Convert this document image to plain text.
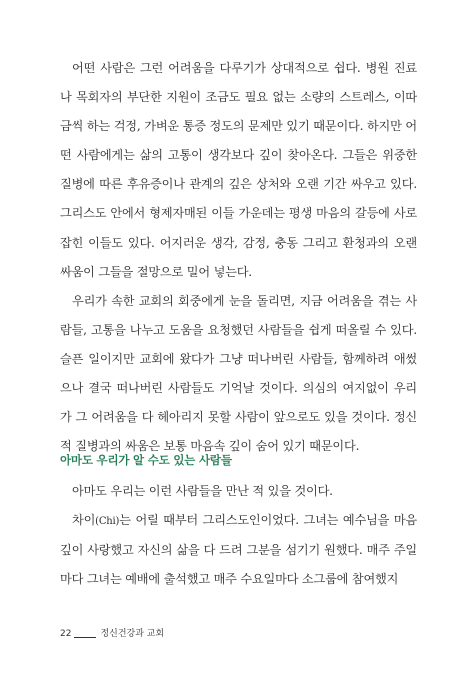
어떤 사람은 그런 어려움을 다루기가 상대적으로 쉽다. 병원 진료나 목회자의 부단한 지원이 조금도 필요 없는 소량의 스트레스, 이따금씩 하는 걱정, 가벼운 통증 정도의 문제만 있기 때문이다. 하지만 어떤 사람에게는 삶의 고통이 생각보다 깊이 찾아온다. 그들은 위중한 질병에 따른 후유증이나 관계의 깊은 상처와 오랜 기간 싸우고 있다. 그리스도 안에서 형제자매된 이들 가운데는 평생 마음의 갈등에 사로잡힌 이들도 있다. 어지러운 생각, 감정, 충동 그리고 환청과의 오랜 싸움이 그들을 절망으로 밀어 넣는다.

우리가 속한 교회의 회중에게 눈을 돌리면, 지금 어려움을 겪는 사람들, 고통을 나누고 도움을 요청했던 사람들을 쉽게 떠올릴 수 있다. 슬픈 일이지만 교회에 왔다가 그냥 떠나버린 사람들, 함께하려 애썼으나 결국 떠나버린 사람들도 기억날 것이다. 의심의 여지없이 우리가 그 어려움을 다 헤아리지 못할 사람이 앞으로도 있을 것이다. 정신적 질병과의 싸움은 보통 마음속 깊이 숨어 있기 때문이다.

아마도 우리가 알 수도 있는 사람들

아마도 우리는 이런 사람들을 만난 적 있을 것이다.

차이(Chi)는 어릴 때부터 그리스도인이었다. 그녀는 예수님을 마음 깊이 사랑했고 자신의 삶을 다 드려 그분을 섬기기 원했다. 매주 주일마다 그녀는 예배에 출석했고 매주 수요일마다 소그룹에 참여했지

22	정신건강과 교회
